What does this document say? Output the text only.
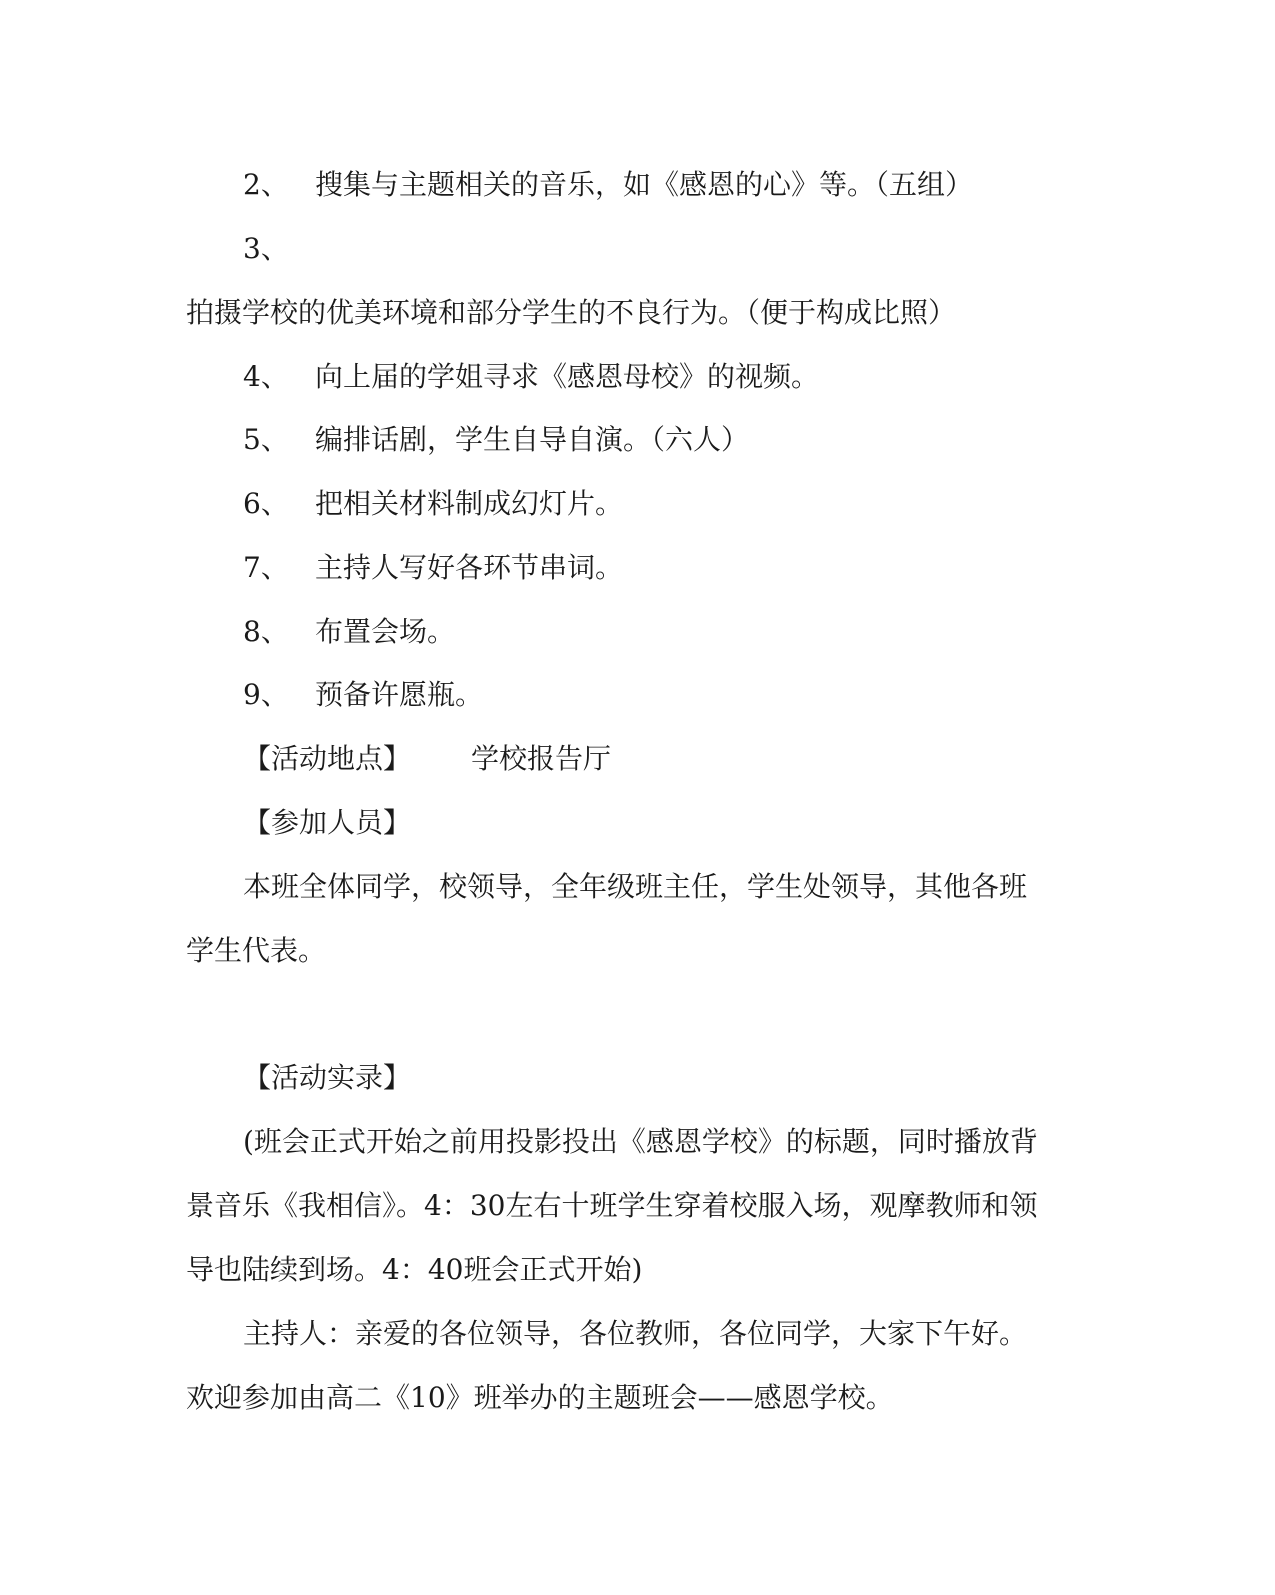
2、 搜集与主题相关的音乐，如《感恩的心》等。（五组）
3、
拍摄学校的优美环境和部分学生的不良行为。（便于构成比照）
4、 向上届的学姐寻求《感恩母校》的视频。
5、 编排话剧，学生自导自演。（六人）
6、 把相关材料制成幻灯片。
7、 主持人写好各环节串词。
8、 布置会场。
9、 预备许愿瓶。
【活动地点】 学校报告厅
【参加人员】
本班全体同学，校领导，全年级班主任，学生处领导，其他各班
学生代表。
【活动实录】
(班会正式开始之前用投影投出《感恩学校》的标题，同时播放背
景音乐《我相信》。4：30左右十班学生穿着校服入场，观摩教师和领
导也陆续到场。4：40班会正式开始)
主持人：亲爱的各位领导，各位教师，各位同学，大家下午好。
欢迎参加由高二《10》班举办的主题班会——感恩学校。
